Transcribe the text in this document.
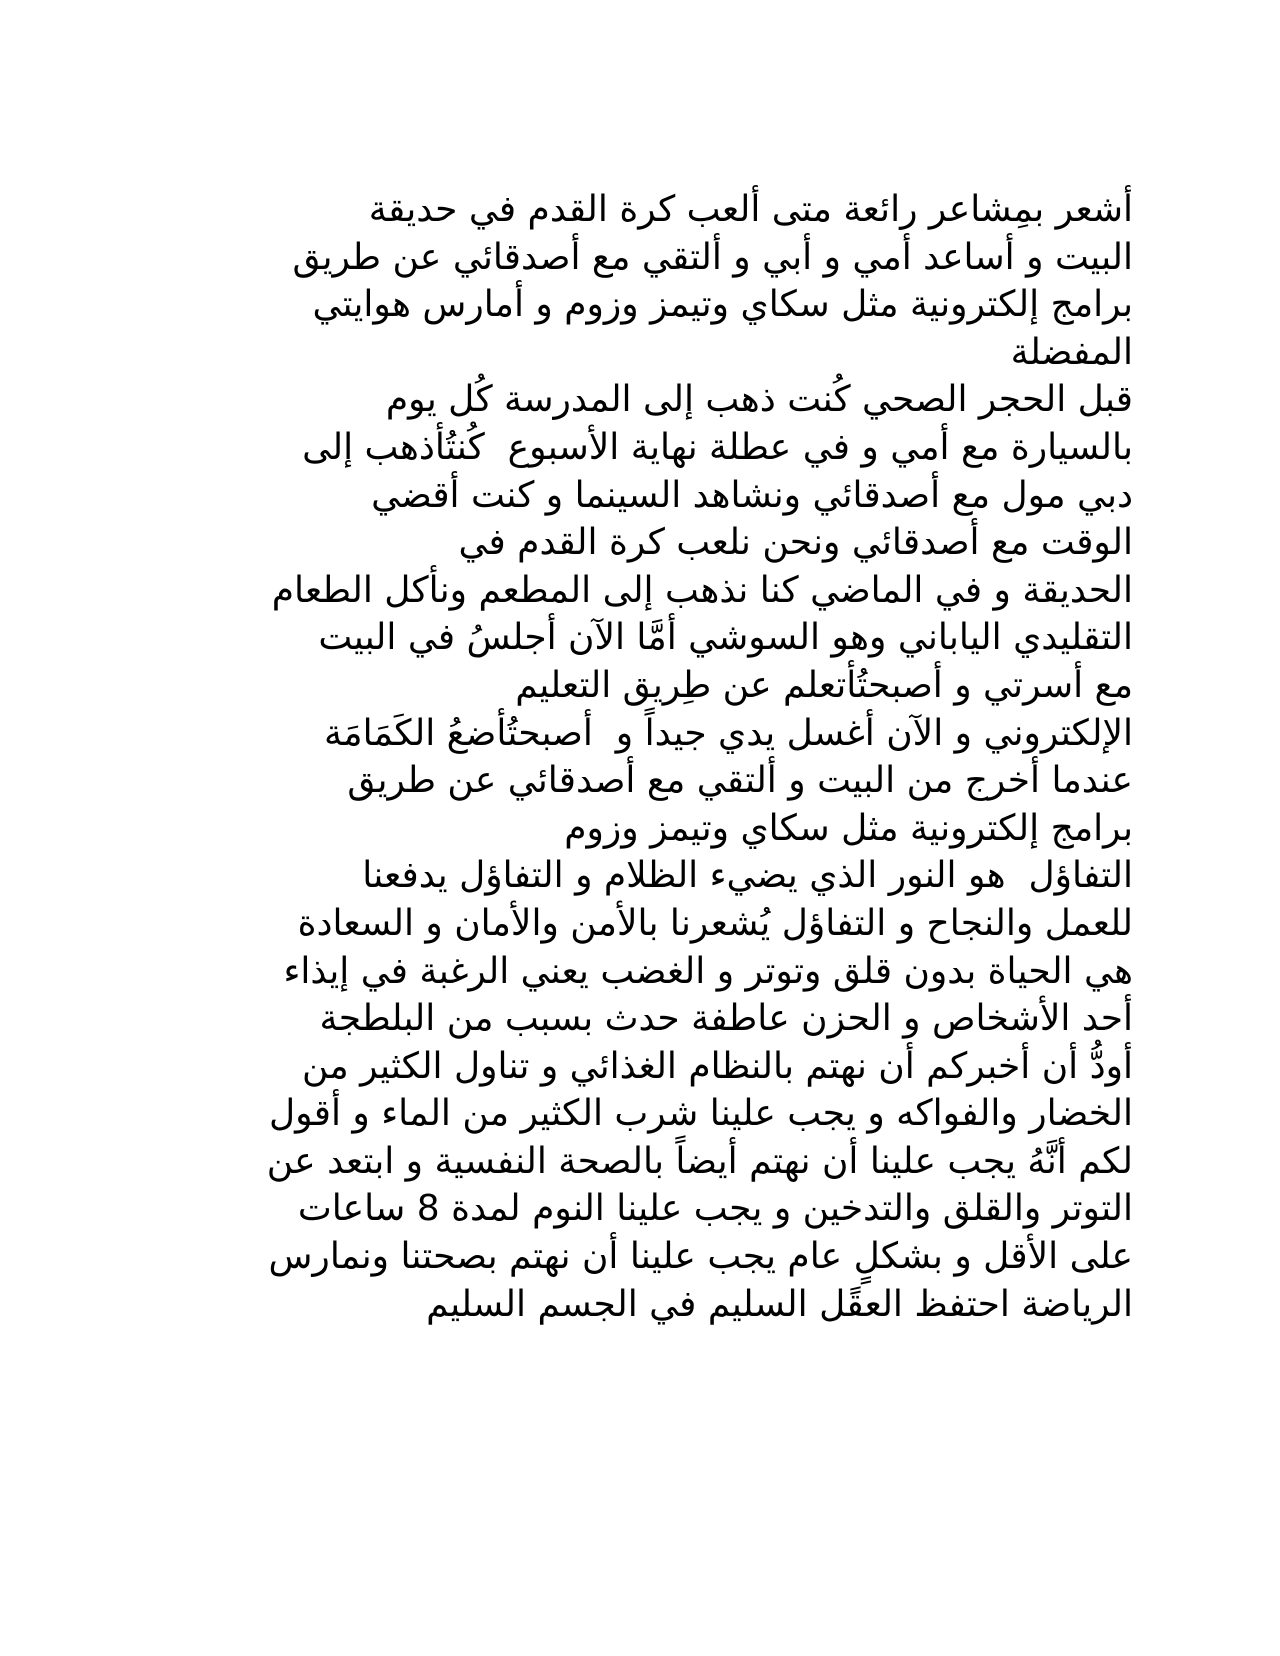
أشعر بمِشاعر رائعة متى ألعب كرة القدم في حديقة
البيت و أساعد أمي و أبي و ألتقي مع أصدقائي عن طريق
برامج إلكترونية مثل سكاي وتيمز وزوم و أمارس هوايتي
المفضلة
قبل الحجر الصحي كُنت ذهب إلى المدرسة كُل يوم
بالسيارة مع أمي و في عطلة نهاية الأسبوع  كُنتُأذهب إلى
دبي مول مع أصدقائي ونشاهد السينما و كنت أقضي
الوقت مع أصدقائي ونحن نلعب كرة القدم في
الحديقة و في الماضي كنا نذهب إلى المطعم ونأكل الطعام
التقليدي الياباني وهو السوشي أمَّا الآن أجلسُ في البيت
مع أسرتي و أصبحتُأتعلم عن طِريق التعليم
الإلكتروني و الآن أغسل يدي جيداً و  أصبحتُأضعُ الكَمَامَة
عندما أخرج من البيت و ألتقي مع أصدقائي عن طريق
برامج إلكترونية مثل سكاي وتيمز وزوم
التفاؤل  هو النور الذي يضيء الظلام و التفاؤل يدفعنا
للعمل والنجاح و التفاؤل يُشعرنا بالأمن والأمان و السعادة
هي الحياة بدون قلق وتوتر و الغضب يعني الرغبة في إيذاء
أحد الأشخاص و الحزن عاطفة حدث بسبب من البلطجة
أودُّ أن أخبركم أن نهتم بالنظام الغذائي و تناول الكثير من
الخضار والفواكه و يجب علينا شرب الكثير من الماء و أقول
لكم أنَّهُ يجب علينا أن نهتم أيضاً بالصحة النفسية و ابتعد عن
التوتر والقلق والتدخين و يجب علينا النوم لمدة 8 ساعات
على الأقل و بشكلٍ عام يجب علينا أن نهتم بصحتنا ونمارس
الرياضة احتفظ العقًل السليم في الجسم السليم
